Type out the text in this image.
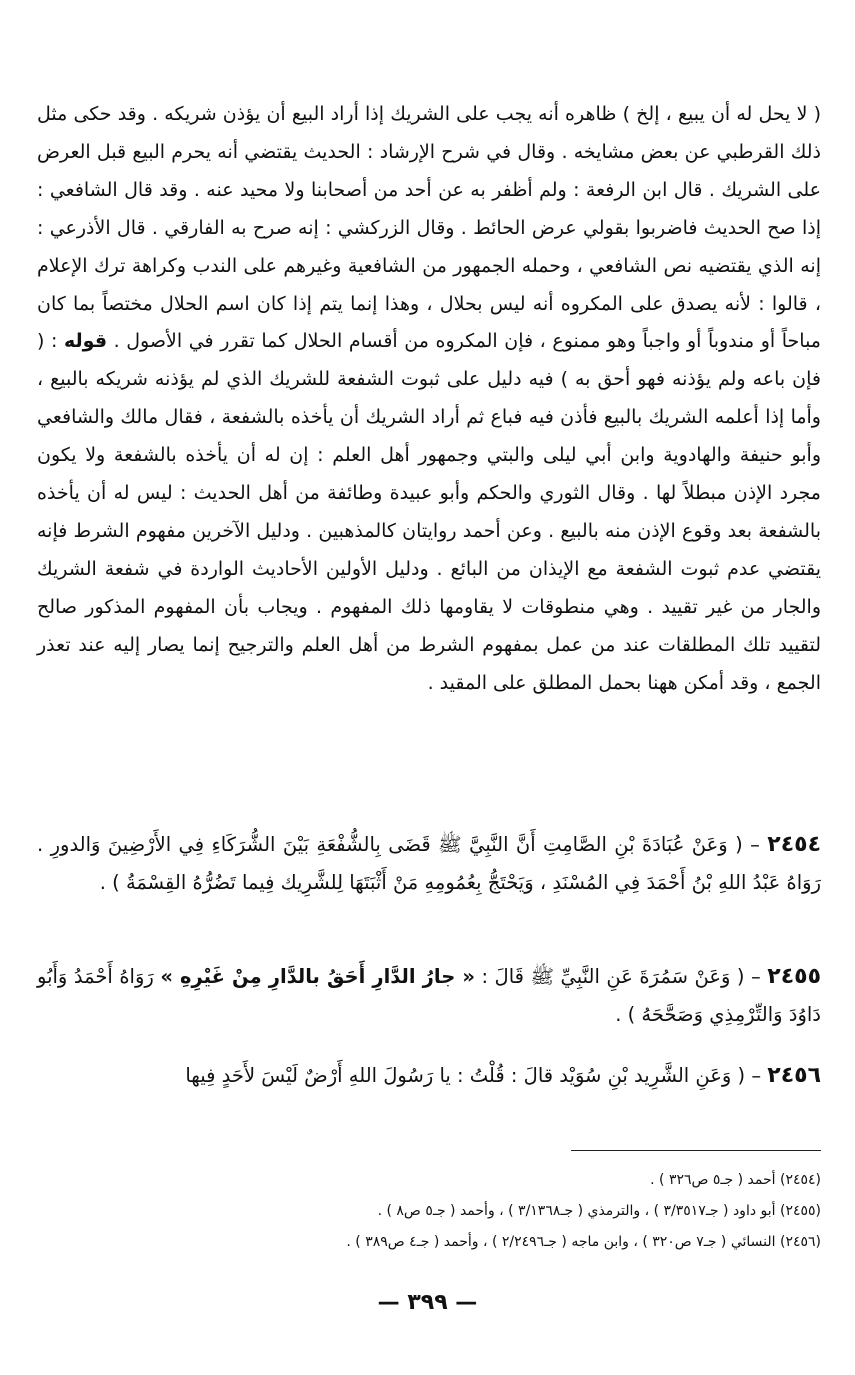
( لا يحل له أن يبيع ، إلخ ) ظاهره أنه يجب على الشريك إذا أراد البيع أن يؤذن شريكه . وقد حكى مثل ذلك القرطبي عن بعض مشايخه . وقال في شرح الإرشاد : الحديث يقتضي أنه يحرم البيع قبل العرض على الشريك . قال ابن الرفعة : ولم أظفر به عن أحد من أصحابنا ولا محيد عنه . وقد قال الشافعي : إذا صح الحديث فاضربوا بقولي عرض الحائط . وقال الزركشي : إنه صرح به الفارقي . قال الأذرعي : إنه الذي يقتضيه نص الشافعي ، وحمله الجمهور من الشافعية وغيرهم على الندب وكراهة ترك الإعلام ، قالوا : لأنه يصدق على المكروه أنه ليس بحلال ، وهذا إنما يتم إذا كان اسم الحلال مختصاً بما كان مباحاً أو مندوباً أو واجباً وهو ممنوع ، فإن المكروه من أقسام الحلال كما تقرر في الأصول . قوله : ( فإن باعه ولم يؤذنه فهو أحق به ) فيه دليل على ثبوت الشفعة للشريك الذي لم يؤذنه شريكه بالبيع ، وأما إذا أعلمه الشريك بالبيع فأذن فيه فباع ثم أراد الشريك أن يأخذه بالشفعة ، فقال مالك والشافعي وأبو حنيفة والهادوية وابن أبي ليلى والبتي وجمهور أهل العلم : إن له أن يأخذه بالشفعة ولا يكون مجرد الإذن مبطلاً لها . وقال الثوري والحكم وأبو عبيدة وطائفة من أهل الحديث : ليس له أن يأخذه بالشفعة بعد وقوع الإذن منه بالبيع . وعن أحمد روايتان كالمذهبين . ودليل الآخرين مفهوم الشرط فإنه يقتضي عدم ثبوت الشفعة مع الإيذان من البائع . ودليل الأولين الأحاديث الواردة في شفعة الشريك والجار من غير تقييد . وهي منطوقات لا يقاومها ذلك المفهوم . ويجاب بأن المفهوم المذكور صالح لتقييد تلك المطلقات عند من عمل بمفهوم الشرط من أهل العلم والترجيح إنما يصار إليه عند تعذر الجمع ، وقد أمكن ههنا بحمل المطلق على المقيد .

٢٤٥٤ – ( وَعَنْ عُبَادَةَ بْنِ الصَّامِتِ أَنَّ النَّبِيَّ ﷺ قَضَى بِالشُّفْعَةِ بَيْنَ الشُّرَكَاءِ فِي الأَرْضِينَ وَالدورِ . رَوَاهُ عَبْدُ اللهِ بْنُ أَحْمَدَ فِي المُسْنَدِ ، وَيَحْتَجُّ بِعُمُومِهِ مَنْ أَثْبَتَهَا لِلشَّرِيك فِيما تَضُرُّهُ القِسْمَةُ ) .

٢٤٥٥ – ( وَعَنْ سَمُرَةَ عَنِ النَّبِيِّ ﷺ قَالَ : « جارُ الدَّارِ أَحَقُ بالدَّارِ مِنْ غَيْرِهِ » رَوَاهُ أَحْمَدُ وَأَبُو دَاوُدَ وَالتِّرْمِذِي وَصَحَّحَهُ ) .

٢٤٥٦ – ( وَعَنِ الشَّرِيد بْنِ سُوَيْد قالَ : قُلْتُ : يا رَسُولَ اللهِ أَرْضٌ لَيْسَ لأَحَدٍ فِيها

(٢٤٥٤) أحمد ( جـ٥ ص٣٢٦ ) .
(٢٤٥٥) أبو داود ( جـ٣/٣٥١٧ ) ، والترمذي ( جـ٣/١٣٦٨ ) ، وأحمد ( جـ٥ ص٨ ) .
(٢٤٥٦) النسائي ( جـ٧ ص٣٢٠ ) ، وابن ماجه ( جـ٢/٢٤٩٦ ) ، وأحمد ( جـ٤ ص٣٨٩ ) .
— ٣٩٩ —
